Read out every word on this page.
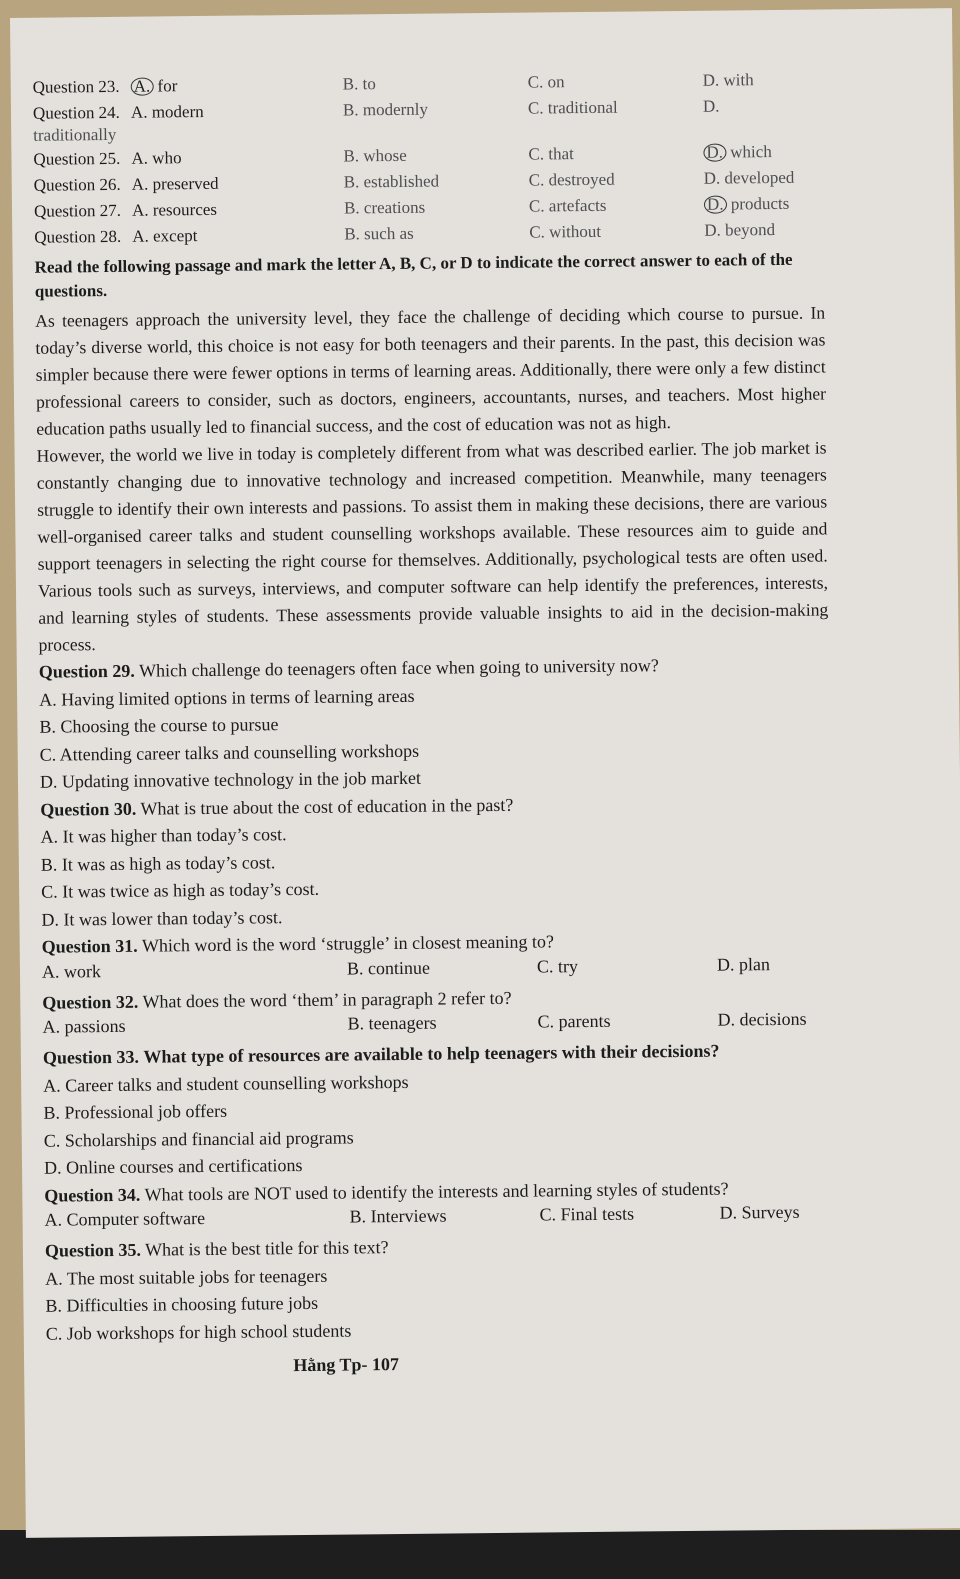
Question 23. A. for	B. to	C. on	D. with
Question 24. A. modern	B. modernly	C. traditional	D.
traditionally
Question 25. A. who	B. whose	C. that	D. which
Question 26. A. preserved	B. established	C. destroyed	D. developed
Question 27. A. resources	B. creations	C. artefacts	D. products
Question 28. A. except	B. such as	C. without	D. beyond
Read the following passage and mark the letter A, B, C, or D to indicate the correct answer to each of the questions.

As teenagers approach the university level, they face the challenge of deciding which course to pursue. In today’s diverse world, this choice is not easy for both teenagers and their parents. In the past, this decision was simpler because there were fewer options in terms of learning areas. Additionally, there were only a few distinct professional careers to consider, such as doctors, engineers, accountants, nurses, and teachers. Most higher education paths usually led to financial success, and the cost of education was not as high.

However, the world we live in today is completely different from what was described earlier. The job market is constantly changing due to innovative technology and increased competition. Meanwhile, many teenagers struggle to identify their own interests and passions. To assist them in making these decisions, there are various well-organised career talks and student counselling workshops available. These resources aim to guide and support teenagers in selecting the right course for themselves. Additionally, psychological tests are often used. Various tools such as surveys, interviews, and computer software can help identify the preferences, interests, and learning styles of students. These assessments provide valuable insights to aid in the decision-making process.

Question 29. Which challenge do teenagers often face when going to university now?
A. Having limited options in terms of learning areas
B. Choosing the course to pursue
C. Attending career talks and counselling workshops
D. Updating innovative technology in the job market
Question 30. What is true about the cost of education in the past?
A. It was higher than today’s cost.
B. It was as high as today’s cost.
C. It was twice as high as today’s cost.
D. It was lower than today’s cost.
Question 31. Which word is the word ‘struggle’ in closest meaning to?
A. work	B. continue	C. try	D. plan
Question 32. What does the word ‘them’ in paragraph 2 refer to?
A. passions	B. teenagers	C. parents	D. decisions
Question 33. What type of resources are available to help teenagers with their decisions?
A. Career talks and student counselling workshops
B. Professional job offers
C. Scholarships and financial aid programs
D. Online courses and certifications
Question 34. What tools are NOT used to identify the interests and learning styles of students?
A. Computer software	B. Interviews	C. Final tests	D. Surveys
Question 35. What is the best title for this text?
A. The most suitable jobs for teenagers
B. Difficulties in choosing future jobs
C. Job workshops for high school students
Hằng Tp- 107
